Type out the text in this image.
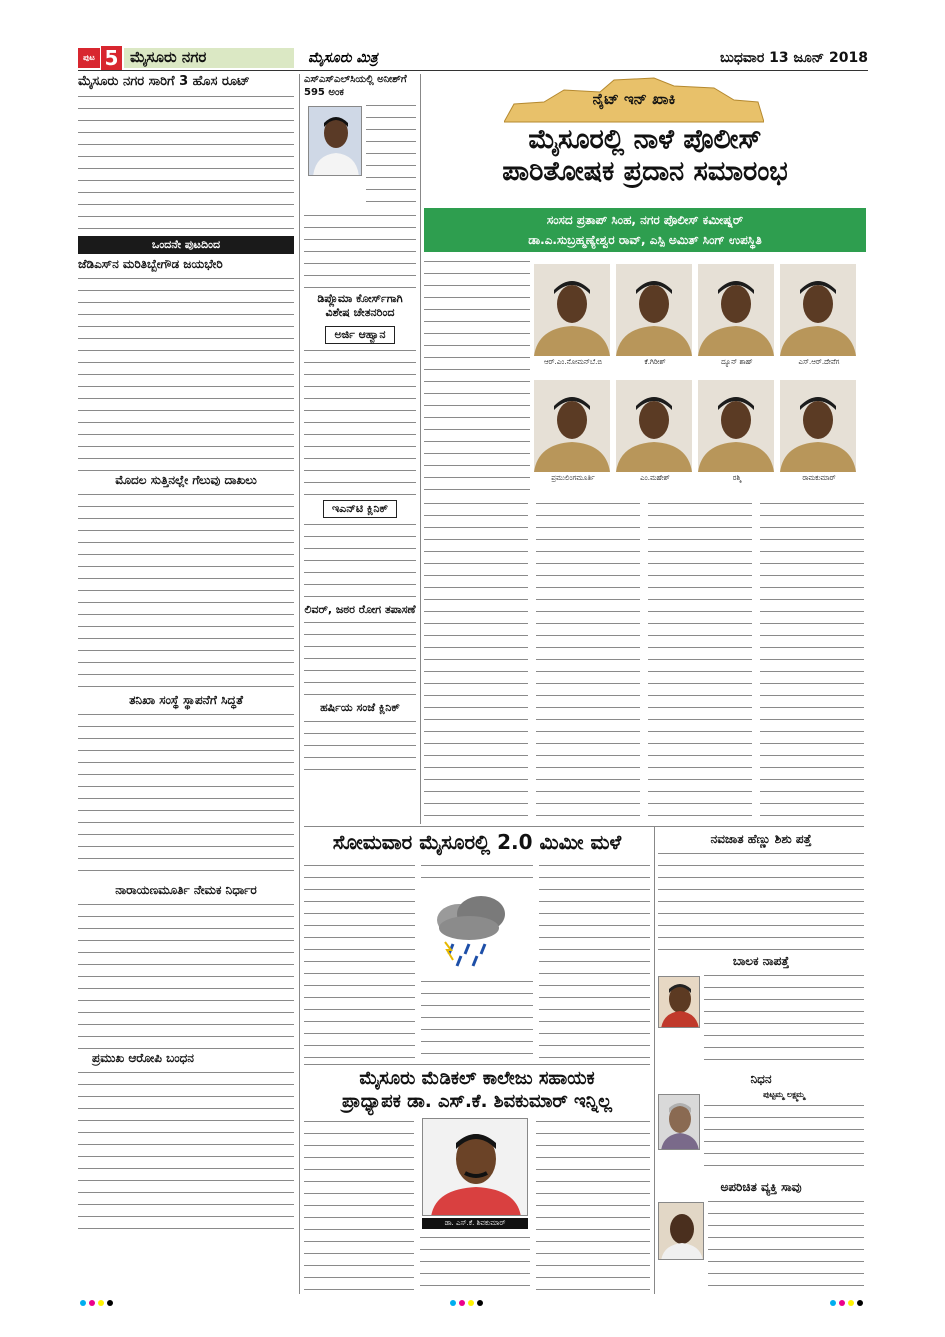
ಪುಟ 5 ಮೈಸೂರು ನಗರ	ಮೈಸೂರು ಮಿತ್ರ	ಬುಧವಾರ 13 ಜೂನ್ 2018
ಮೈಸೂರು ನಗರ ಸಾರಿಗೆ 3 ಹೊಸ ರೂಟ್
ಒಂದನೇ ಪುಟದಿಂದ
ಜೆಡಿಎಸ್‌ನ ಮರಿತಿಬ್ಬೇಗೌಡ ಜಯಭೇರಿ
ಮೊದಲ ಸುತ್ತಿನಲ್ಲೇ ಗೆಲುವು ದಾಖಲು
ತನಿಖಾ ಸಂಸ್ಥೆ ಸ್ಥಾಪನೆಗೆ ಸಿದ್ಧತೆ
ನಾರಾಯಣಮೂರ್ತಿ ನೇಮಕ ನಿರ್ಧಾರ
ಪ್ರಮುಖ ಆರೋಪಿ ಬಂಧನ
ಎಸ್‌ಎಸ್‌ಎಲ್‌ಸಿಯಲ್ಲಿ ಅನೀಶ್‌ಗೆ 595 ಅಂಕ
ಡಿಪ್ಲೊಮಾ ಕೋರ್ಸ್‌ಗಾಗಿ ವಿಶೇಷ ಚೇತನರಿಂದ
ಅರ್ಜಿ ಆಹ್ವಾನ
ಇಎನ್‌ಟಿ ಕ್ಲಿನಿಕ್
ಲಿವರ್, ಜಠರ ರೋಗ ತಪಾಸಣೆ
ಹರ್ಷಿಯ ಸಂಜೆ ಕ್ಲಿನಿಕ್
ನೈಟ್ ಇನ್ ಖಾಕಿ
ಮೈಸೂರಲ್ಲಿ ನಾಳೆ ಪೊಲೀಸ್
ಪಾರಿತೋಷಕ ಪ್ರದಾನ ಸಮಾರಂಭ
ಸಂಸದ ಪ್ರತಾಪ್ ಸಿಂಹ, ನಗರ ಪೊಲೀಸ್ ಕಮೀಷ್ನರ್
ಡಾ.ಎ.ಸುಬ್ರಹ್ಮಣ್ಯೇಶ್ವರ ರಾವ್, ಎಸ್ಪಿ ಅಮಿತ್ ಸಿಂಗ್ ಉಪಸ್ಥಿತಿ
ಆರ್.ಎಂ.ನೋಮನ್‌ಬೆ.ಬಿ	ಕೆ.ಗಿರೀಶ್	ದ್ಯೂನ್ ಶಾಹ್	ಎಸ್.ಆರ್.ದೇವೆಗ
ಪ್ರಮುಲಿಂಗಮೂರ್ತಿ	ಎಂ.ಮಹೇಶ್	ರಶ್ಮಿ	ರಾಮಕುಮಾರ್
ಸೋಮವಾರ ಮೈಸೂರಲ್ಲಿ 2.0 ಮಿಮೀ ಮಳೆ
ಮೈಸೂರು ಮೆಡಿಕಲ್ ಕಾಲೇಜು ಸಹಾಯಕ
ಪ್ರಾಧ್ಯಾಪಕ ಡಾ. ಎಸ್.ಕೆ. ಶಿವಕುಮಾರ್ ಇನ್ನಿಲ್ಲ
ಡಾ. ಎಸ್.ಕೆ. ಶಿವಕುಮಾರ್
ನವಜಾತ ಹೆಣ್ಣು ಶಿಶು ಪತ್ತೆ
ಬಾಲಕ ನಾಪತ್ತೆ
ನಿಧನ
ಪುಟ್ಟಮ್ಮ ಲಕ್ಷ್ಮಮ್ಮ
ಅಪರಿಚಿತ ವ್ಯಕ್ತಿ ಸಾವು
